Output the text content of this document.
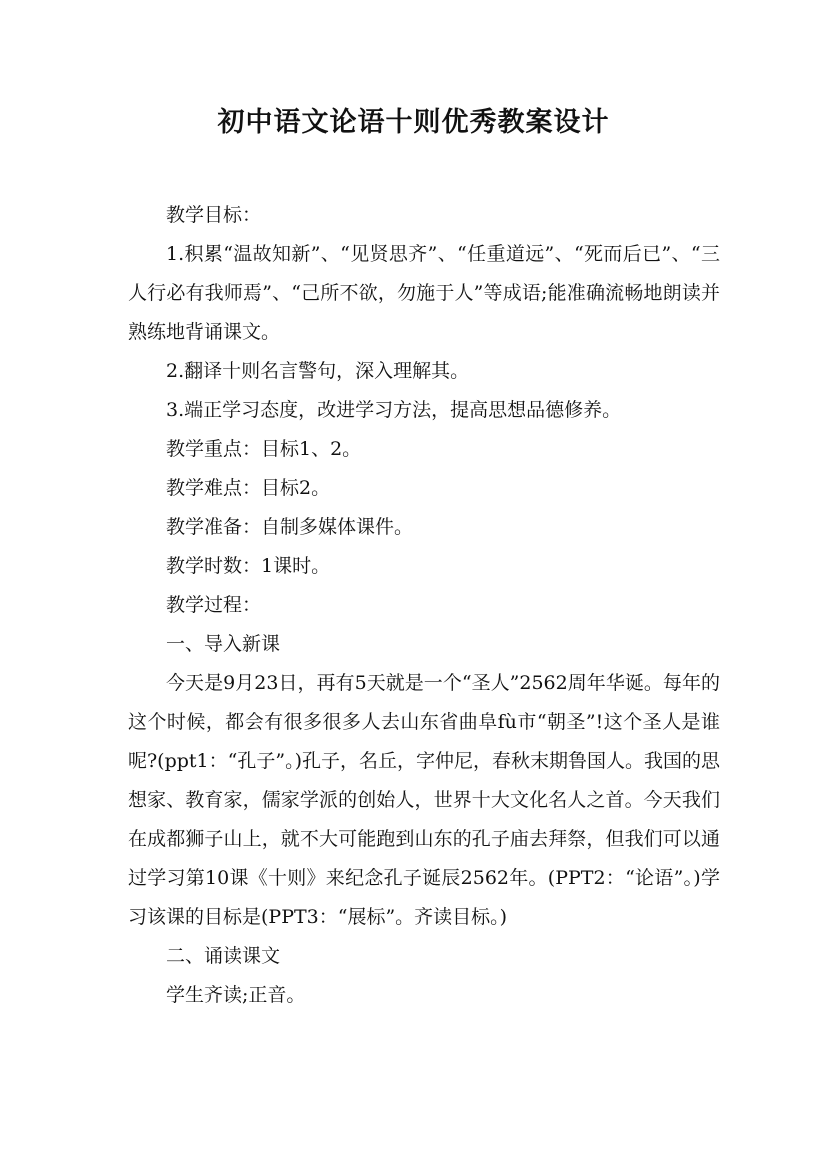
初中语文论语十则优秀教案设计

教学目标：

1.积累“温故知新”、“见贤思齐”、“任重道远”、“死而后已”、“三人行必有我师焉”、“己所不欲，勿施于人”等成语;能准确流畅地朗读并熟练地背诵课文。

2.翻译十则名言警句，深入理解其。

3.端正学习态度，改进学习方法，提高思想品德修养。

教学重点：目标1、2。

教学难点：目标2。

教学准备：自制多媒体课件。

教学时数：1课时。

教学过程：

一、导入新课

今天是9月23日，再有5天就是一个“圣人”2562周年华诞。每年的这个时候，都会有很多很多人去山东省曲阜fù市“朝圣”!这个圣人是谁呢?(ppt1：“孔子”。)孔子，名丘，字仲尼，春秋末期鲁国人。我国的思想家、教育家，儒家学派的创始人，世界十大文化名人之首。今天我们在成都狮子山上，就不大可能跑到山东的孔子庙去拜祭，但我们可以通过学习第10课《十则》来纪念孔子诞辰2562年。(PPT2：“论语”。)学习该课的目标是(PPT3：“展标”。齐读目标。)

二、诵读课文

学生齐读;正音。
